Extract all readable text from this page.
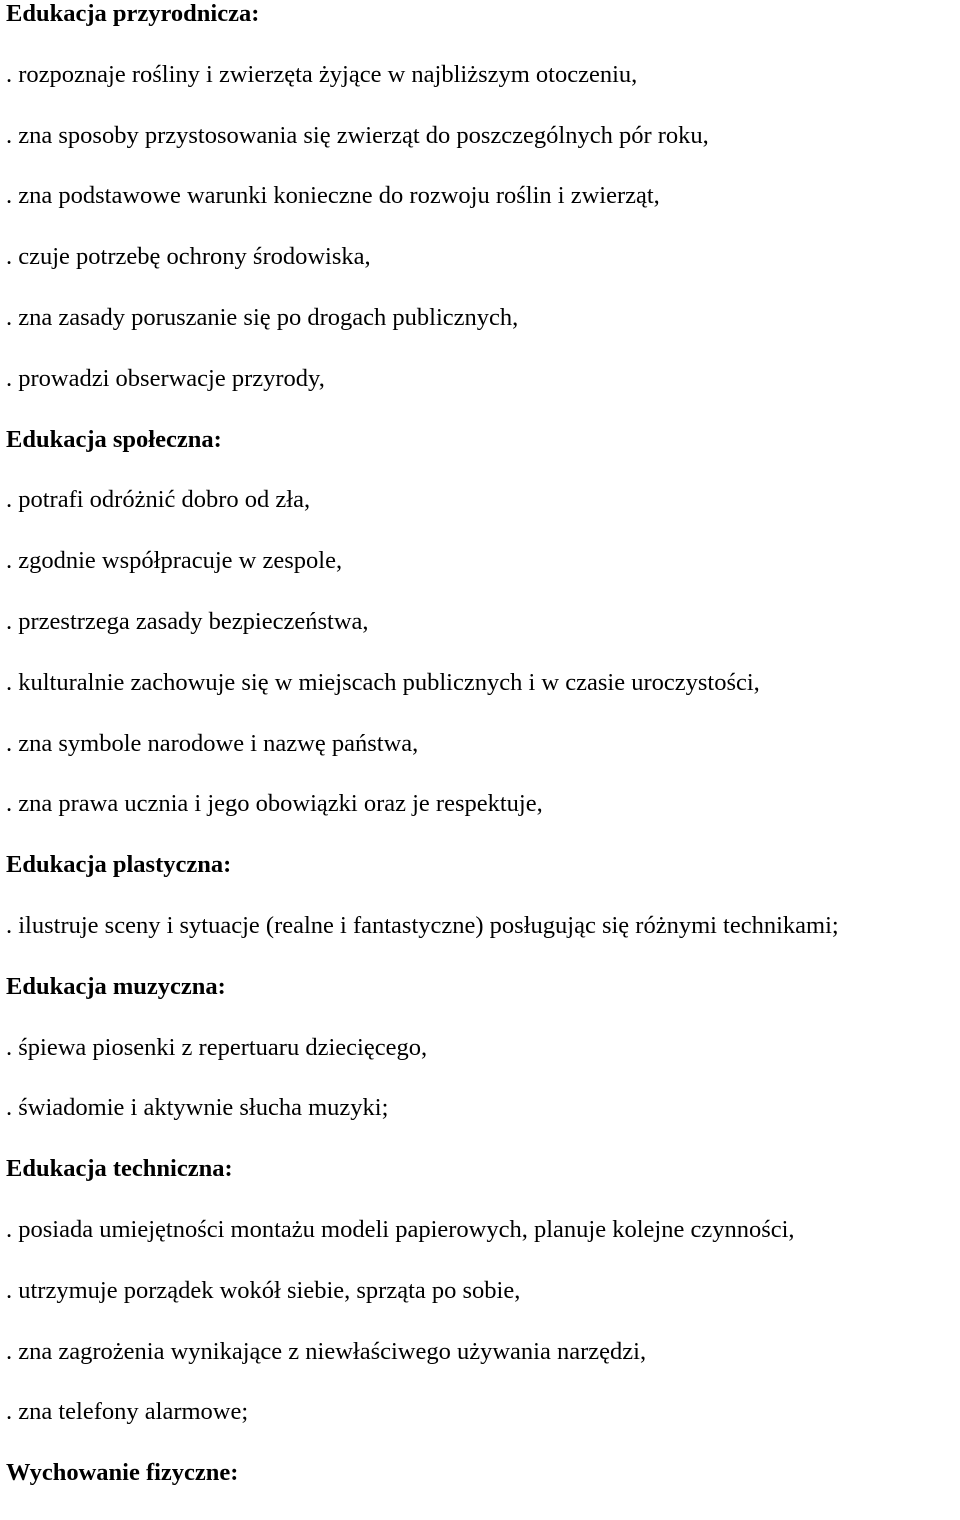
Edukacja przyrodnicza:
. rozpoznaje rośliny i zwierzęta żyjące w najbliższym otoczeniu,
. zna sposoby przystosowania się zwierząt do poszczególnych pór roku,
. zna podstawowe warunki konieczne do rozwoju roślin i zwierząt,
. czuje potrzebę ochrony środowiska,
. zna zasady poruszanie się po drogach publicznych,
. prowadzi obserwacje przyrody,
Edukacja społeczna:
. potrafi odróżnić dobro od zła,
. zgodnie współpracuje w zespole,
. przestrzega zasady bezpieczeństwa,
. kulturalnie zachowuje się w miejscach publicznych i w czasie uroczystości,
. zna symbole narodowe i nazwę państwa,
. zna prawa ucznia i jego obowiązki oraz je respektuje,
Edukacja plastyczna:
. ilustruje sceny i sytuacje (realne i fantastyczne) posługując się różnymi technikami;
Edukacja muzyczna:
. śpiewa piosenki z repertuaru dziecięcego,
. świadomie i aktywnie słucha muzyki;
Edukacja techniczna:
. posiada umiejętności montażu modeli papierowych, planuje kolejne czynności,
. utrzymuje porządek wokół siebie, sprząta po sobie,
. zna zagrożenia wynikające z niewłaściwego używania narzędzi,
. zna telefony alarmowe;
Wychowanie fizyczne:
